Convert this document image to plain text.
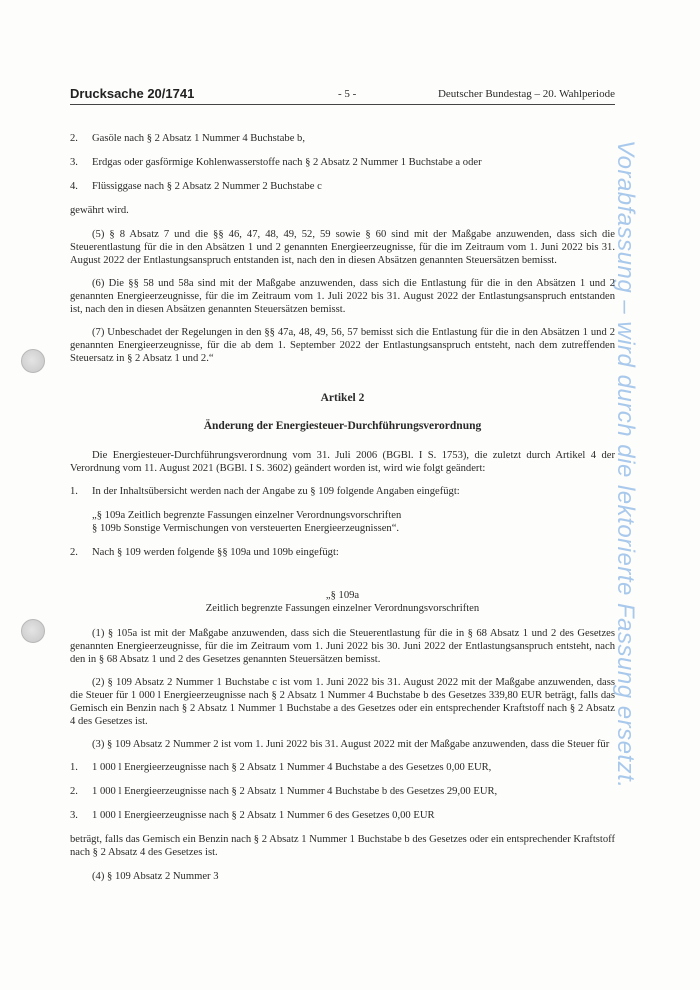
Drucksache 20/1741	- 5 -	Deutscher Bundestag – 20. Wahlperiode
Vorabfassung – wird durch die lektorierte Fassung ersetzt.
2. Gasöle nach § 2 Absatz 1 Nummer 4 Buchstabe b,
3. Erdgas oder gasförmige Kohlenwasserstoffe nach § 2 Absatz 2 Nummer 1 Buchstabe a oder
4. Flüssiggase nach § 2 Absatz 2 Nummer 2 Buchstabe c

gewährt wird.

(5) § 8 Absatz 7 und die §§ 46, 47, 48, 49, 52, 59 sowie § 60 sind mit der Maßgabe anzuwenden, dass sich die Steuerentlastung für die in den Absätzen 1 und 2 genannten Energieerzeugnisse, für die im Zeitraum vom 1. Juni 2022 bis 31. August 2022 der Entlastungsanspruch entstanden ist, nach den in diesen Absätzen genannten Steuersätzen bemisst.

(6) Die §§ 58 und 58a sind mit der Maßgabe anzuwenden, dass sich die Entlastung für die in den Absätzen 1 und 2 genannten Energieerzeugnisse, für die im Zeitraum vom 1. Juli 2022 bis 31. August 2022 der Entlastungsanspruch entstanden ist, nach den in diesen Absätzen genannten Steuersätzen bemisst.

(7) Unbeschadet der Regelungen in den §§ 47a, 48, 49, 56, 57 bemisst sich die Entlastung für die in den Absätzen 1 und 2 genannten Energieerzeugnisse, für die ab dem 1. September 2022 der Entlastungsanspruch entsteht, nach dem zutreffenden Steuersatz in § 2 Absatz 1 und 2.“

Artikel 2
Änderung der Energiesteuer-Durchführungsverordnung

Die Energiesteuer-Durchführungsverordnung vom 31. Juli 2006 (BGBl. I S. 1753), die zuletzt durch Artikel 4 der Verordnung vom 11. August 2021 (BGBl. I S. 3602) geändert worden ist, wird wie folgt geändert:

1. In der Inhaltsübersicht werden nach der Angabe zu § 109 folgende Angaben eingefügt:
„§ 109a Zeitlich begrenzte Fassungen einzelner Verordnungsvorschriften
§ 109b Sonstige Vermischungen von versteuerten Energieerzeugnissen“.
2. Nach § 109 werden folgende §§ 109a und 109b eingefügt:

„§ 109a

Zeitlich begrenzte Fassungen einzelner Verordnungsvorschriften

(1) § 105a ist mit der Maßgabe anzuwenden, dass sich die Steuerentlastung für die in § 68 Absatz 1 und 2 des Gesetzes genannten Energieerzeugnisse, für die im Zeitraum vom 1. Juni 2022 bis 30. Juni 2022 der Entlastungsanspruch entsteht, nach den in § 68 Absatz 1 und 2 des Gesetzes genannten Steuersätzen bemisst.

(2) § 109 Absatz 2 Nummer 1 Buchstabe c ist vom 1. Juni 2022 bis 31. August 2022 mit der Maßgabe anzuwenden, dass die Steuer für 1 000 l Energieerzeugnisse nach § 2 Absatz 1 Nummer 4 Buchstabe b des Gesetzes 339,80 EUR beträgt, falls das Gemisch ein Benzin nach § 2 Absatz 1 Nummer 1 Buchstabe a des Gesetzes oder ein entsprechender Kraftstoff nach § 2 Absatz 4 des Gesetzes ist.

(3) § 109 Absatz 2 Nummer 2 ist vom 1. Juni 2022 bis 31. August 2022 mit der Maßgabe anzuwenden, dass die Steuer für

1. 1 000 l Energieerzeugnisse nach § 2 Absatz 1 Nummer 4 Buchstabe a des Gesetzes 0,00 EUR,
2. 1 000 l Energieerzeugnisse nach § 2 Absatz 1 Nummer 4 Buchstabe b des Gesetzes 29,00 EUR,
3. 1 000 l Energieerzeugnisse nach § 2 Absatz 1 Nummer 6 des Gesetzes 0,00 EUR

beträgt, falls das Gemisch ein Benzin nach § 2 Absatz 1 Nummer 1 Buchstabe b des Gesetzes oder ein entsprechender Kraftstoff nach § 2 Absatz 4 des Gesetzes ist.

(4) § 109 Absatz 2 Nummer 3
